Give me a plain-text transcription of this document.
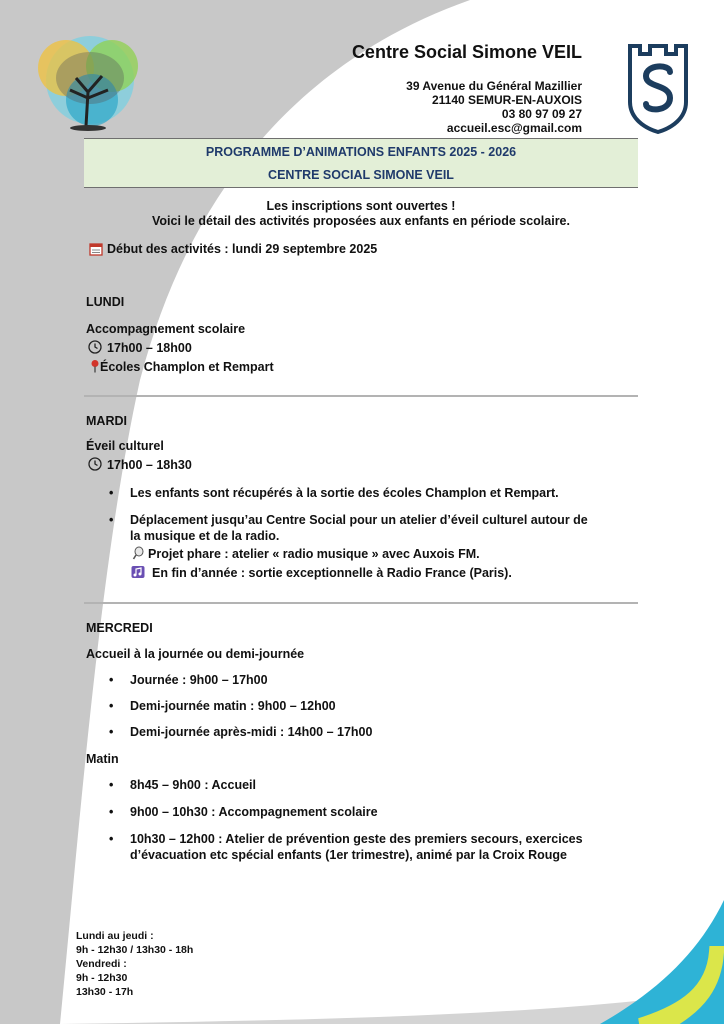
Centre Social Simone VEIL
39 Avenue du Général Mazillier
21140 SEMUR-EN-AUXOIS
03 80 97 09 27
accueil.esc@gmail.com
PROGRAMME D’ANIMATIONS ENFANTS 2025 - 2026
CENTRE SOCIAL SIMONE VEIL
Les inscriptions sont ouvertes !
Voici le détail des activités proposées aux enfants en période scolaire.
Début des activités : lundi 29 septembre 2025
LUNDI
Accompagnement scolaire
17h00 – 18h00
Écoles Champlon et Rempart
MARDI
Éveil culturel
17h00 – 18h30
• Les enfants sont récupérés à la sortie des écoles Champlon et Rempart.
• Déplacement jusqu’au Centre Social pour un atelier d’éveil culturel autour de
la musique et de la radio.
Projet phare : atelier « radio musique » avec Auxois FM.
En fin d’année : sortie exceptionnelle à Radio France (Paris).
MERCREDI
Accueil à la journée ou demi-journée
• Journée : 9h00 – 17h00
• Demi-journée matin : 9h00 – 12h00
• Demi-journée après-midi : 14h00 – 17h00
Matin
• 8h45 – 9h00 : Accueil
• 9h00 – 10h30 : Accompagnement scolaire
• 10h30 – 12h00 : Atelier de prévention geste des premiers secours, exercices
d’évacuation etc spécial enfants (1er trimestre), animé par la Croix Rouge
Lundi au jeudi :
9h - 12h30 / 13h30 - 18h
Vendredi :
9h - 12h30
13h30 - 17h
